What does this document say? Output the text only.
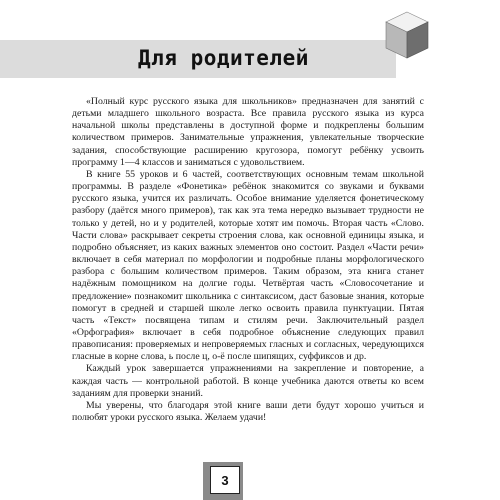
Для родителей

«Полный курс русского языка для школьников» предназначен для занятий с детьми младшего школьного возраста. Все правила русского языка из курса начальной школы представлены в доступной форме и подкреплены большим количеством примеров. Занимательные упражнения, увлекательные творческие задания, способствующие расширению кругозора, помогут ребёнку усвоить программу 1—4 классов и заниматься с удовольствием.

В книге 55 уроков и 6 частей, соответствующих основным темам школьной программы. В разделе «Фонетика» ребёнок знакомится со звуками и буквами русского языка, учится их различать. Особое внимание уделяется фонетическому разбору (даётся много примеров), так как эта тема нередко вызывает трудности не только у детей, но и у родителей, которые хотят им помочь. Вторая часть «Слово. Части слова» раскрывает секреты строения слова, как основной единицы языка, и подробно объясняет, из каких важных элементов оно состоит. Раздел «Части речи» включает в себя материал по морфологии и подробные планы морфологического разбора с большим количеством примеров. Таким образом, эта книга станет надёжным помощником на долгие годы. Четвёртая часть «Словосочетание и предложение» познакомит школьника с синтаксисом, даст базовые знания, которые помогут в средней и старшей школе легко освоить правила пунктуации. Пятая часть «Текст» посвящена типам и стилям речи. Заключительный раздел «Орфография» включает в себя подробное объяснение следующих правил правописания: проверяемых и непроверяемых гласных и согласных, чередующихся гласные в корне слова, ь после ц, о-ё после шипящих, суффиксов и др.

Каждый урок завершается упражнениями на закрепление и повторение, а каждая часть — контрольной работой. В конце учебника даются ответы ко всем заданиям для проверки знаний.

Мы уверены, что благодаря этой книге ваши дети будут хорошо учиться и полюбят уроки русского языка. Желаем удачи!

3
